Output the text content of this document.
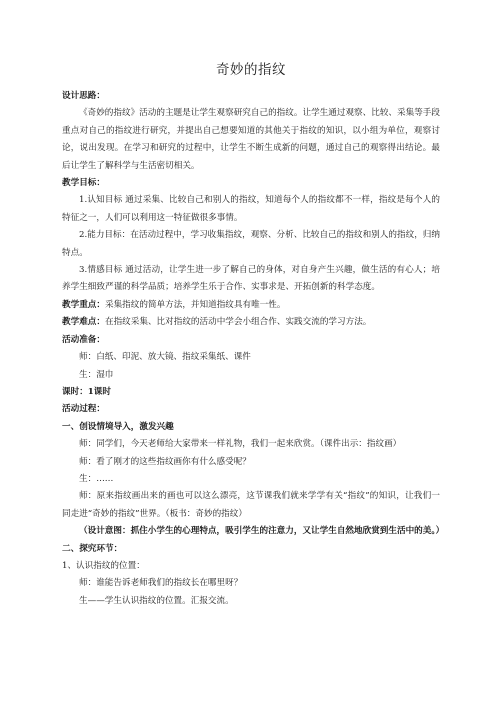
奇妙的指纹

设计思路：

《奇妙的指纹》活动的主题是让学生观察研究自己的指纹。让学生通过观察、比较、采集等手段重点对自己的指纹进行研究，并提出自己想要知道的其他关于指纹的知识，以小组为单位，观察讨论，说出发现。在学习和研究的过程中，让学生不断生成新的问题，通过自己的观察得出结论。最后让学生了解科学与生活密切相关。

教学目标：

1.认知目标 通过采集、比较自己和别人的指纹，知道每个人的指纹都不一样，指纹是每个人的特征之一，人们可以利用这一特征做很多事情。

2.能力目标：在活动过程中，学习收集指纹，观察、分析、比较自己的指纹和别人的指纹，归纳特点。

3.情感目标 通过活动，让学生进一步了解自己的身体，对自身产生兴趣，做生活的有心人；培养学生细致严谨的科学品质；培养学生乐于合作、实事求是、开拓创新的科学态度。

教学重点：采集指纹的简单方法，并知道指纹具有唯一性。

教学难点：在指纹采集、比对指纹的活动中学会小组合作、实践交流的学习方法。

活动准备：

师：白纸、印泥、放大镜、指纹采集纸、课件

生：湿巾

课时：1课时

活动过程：

一、创设情境导入，激发兴趣

师：同学们，今天老师给大家带来一样礼物，我们一起来欣赏。（课件出示：指纹画）

师：看了刚才的这些指纹画你有什么感受呢？

生：……

师：原来指纹画出来的画也可以这么漂亮，这节课我们就来学学有关“指纹”的知识，让我们一同走进“奇妙的指纹”世界。（板书：奇妙的指纹）

（设计意图：抓住小学生的心理特点，吸引学生的注意力，又让学生自然地欣赏到生活中的美。）

二、探究环节：

1、认识指纹的位置：

师：谁能告诉老师我们的指纹长在哪里呀？

生——学生认识指纹的位置。汇报交流。
